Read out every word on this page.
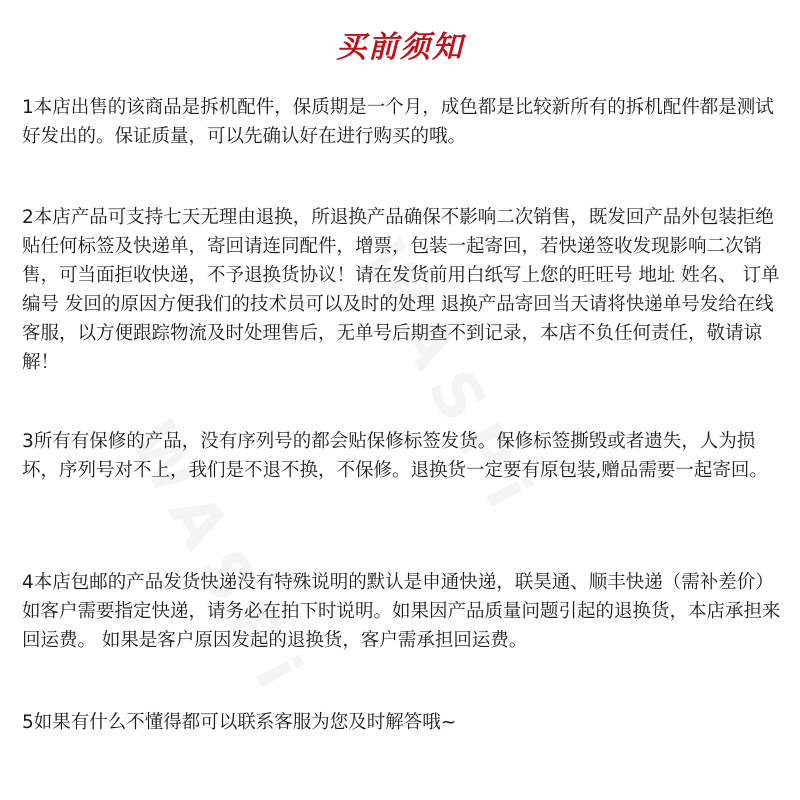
买前须知

1本店出售的该商品是拆机配件，保质期是一个月，成色都是比较新所有的拆机配件都是测试好发出的。保证质量，可以先确认好在进行购买的哦。

2本店产品可支持七天无理由退换，所退换产品确保不影响二次销售，既发回产品外包装拒绝贴任何标签及快递单，寄回请连同配件，增票，包装一起寄回，若快递签收发现影响二次销售，可当面拒收快递，不予退换货协议！请在发货前用白纸写上您的旺旺号 地址 姓名、 订单编号 发回的原因方便我们的技术员可以及时的处理 退换产品寄回当天请将快递单号发给在线客服，以方便跟踪物流及时处理售后，无单号后期查不到记录，本店不负任何责任，敬请谅解！

3所有有保修的产品，没有序列号的都会贴保修标签发货。保修标签撕毁或者遗失，人为损坏，序列号对不上，我们是不退不换，不保修。退换货一定要有原包装,赠品需要一起寄回。

4本店包邮的产品发货快递没有特殊说明的默认是申通快递，联昊通、顺丰快递（需补差价）如客户需要指定快递，请务必在拍下时说明。如果因产品质量问题引起的退换货，本店承担来回运费。 如果是客户原因发起的退换货，客户需承担回运费。

5如果有什么不懂得都可以联系客服为您及时解答哦~
